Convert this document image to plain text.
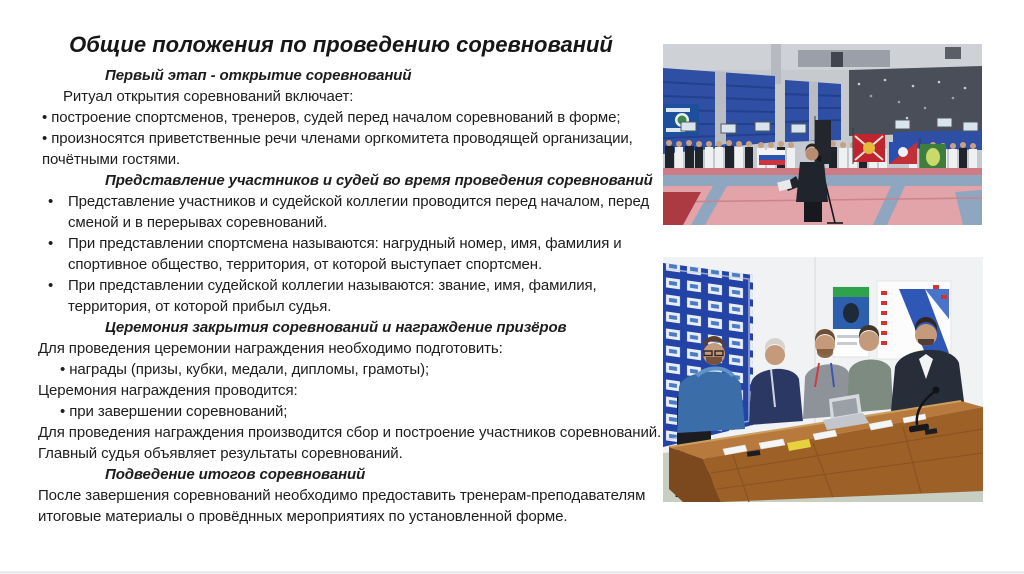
Общие положения по проведению соревнований
Первый этап - открытие соревнований
Ритуал открытия соревнований включает:
• построение спортсменов, тренеров, судей перед началом соревнований в форме;
• произносятся приветственные речи членами оргкомитета проводящей организации,
почётными гостями.
Представление участников и судей во время проведения соревнований
• Представление участников и судейской коллегии проводится перед началом, перед
сменой и в перерывах соревнований.
• При представлении спортсмена называются: нагрудный номер, имя, фамилия и
спортивное общество, территория, от которой выступает спортсмен.
• При представлении судейской коллегии называются: звание, имя, фамилия,
территория, от которой прибыл судья.
Церемония закрытия соревнований и награждение призёров
Для проведения церемонии награждения необходимо подготовить:
• награды (призы, кубки, медали, дипломы, грамоты);
Церемония награждения проводится:
• при завершении соревнований;
Для проведения награждения производится сбор и построение участников соревнований.
Главный судья объявляет результаты соревнований.
Подведение итогов соревнований
После завершения соревнований необходимо предоставить тренерам-преподавателям
итоговые материалы о провёднных мероприятиях по установленной форме.
